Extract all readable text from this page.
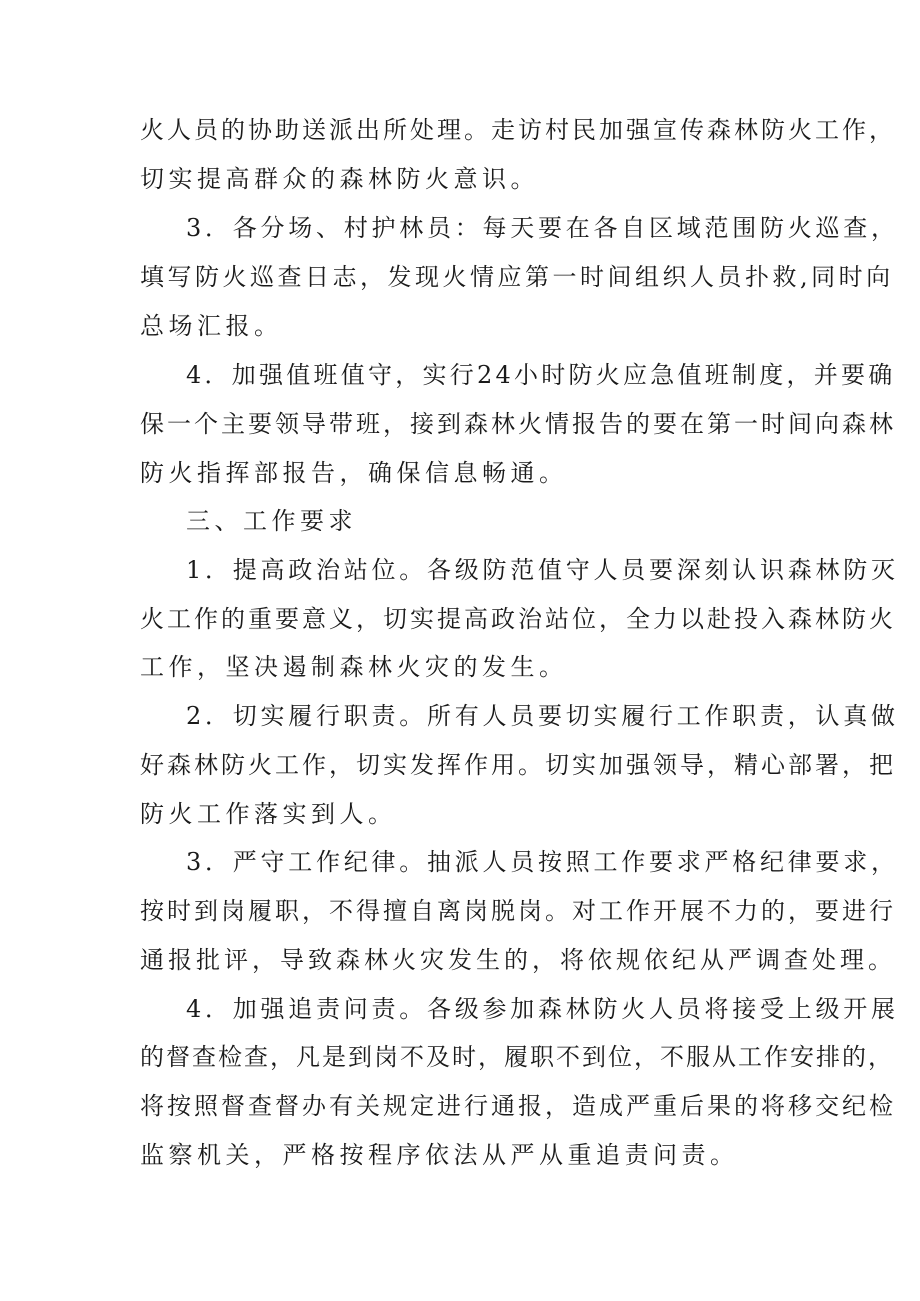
火人员的协助送派出所处理。走访村民加强宣传森林防火工作，
切实提高群众的森林防火意识。
3．各分场、村护林员：每天要在各自区域范围防火巡查，
填写防火巡查日志，发现火情应第一时间组织人员扑救,同时向
总场汇报。
4．加强值班值守，实行24小时防火应急值班制度，并要确
保一个主要领导带班，接到森林火情报告的要在第一时间向森林
防火指挥部报告，确保信息畅通。
三、工作要求
1．提高政治站位。各级防范值守人员要深刻认识森林防灭
火工作的重要意义，切实提高政治站位，全力以赴投入森林防火
工作，坚决遏制森林火灾的发生。
2．切实履行职责。所有人员要切实履行工作职责，认真做
好森林防火工作，切实发挥作用。切实加强领导，精心部署，把
防火工作落实到人。
3．严守工作纪律。抽派人员按照工作要求严格纪律要求，
按时到岗履职，不得擅自离岗脱岗。对工作开展不力的，要进行
通报批评，导致森林火灾发生的，将依规依纪从严调查处理。
4．加强追责问责。各级参加森林防火人员将接受上级开展
的督查检查，凡是到岗不及时，履职不到位，不服从工作安排的，
将按照督查督办有关规定进行通报，造成严重后果的将移交纪检
监察机关，严格按程序依法从严从重追责问责。
